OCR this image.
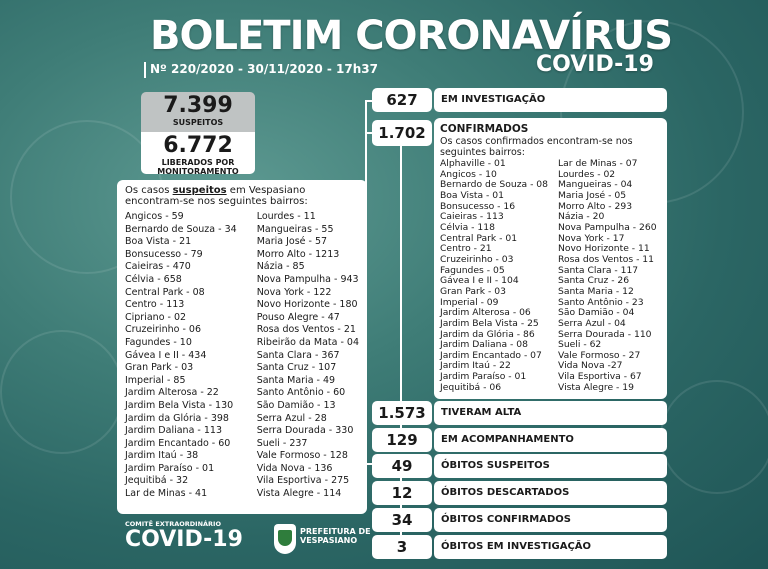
BOLETIM CORONAVÍRUS
COVID-19
Nº 220/2020 - 30/11/2020 - 17h37
7.399
SUSPEITOS
6.772
LIBERADOS POR
MONITORAMENTO
Os casos suspeitos em Vespasiano encontram-se nos seguintes bairros:
Angicos - 59
Bernardo de Souza - 34
Boa Vista - 21
Bonsucesso - 79
Caieiras - 470
Célvia - 658
Central Park - 08
Centro - 113
Cipriano - 02
Cruzeirinho - 06
Fagundes - 10
Gávea I e II - 434
Gran Park - 03
Imperial - 85
Jardim Alterosa - 22
Jardim Bela Vista - 130
Jardim da Glória - 398
Jardim Daliana - 113
Jardim Encantado - 60
Jardim Itaú - 38
Jardim Paraíso - 01
Jequitibá - 32
Lar de Minas - 41
Lourdes - 11
Mangueiras - 55
Maria José - 57
Morro Alto - 1213
Názia - 85
Nova Pampulha - 943
Nova York - 122
Novo Horizonte - 180
Pouso Alegre - 47
Rosa dos Ventos - 21
Ribeirão da Mata - 04
Santa Clara - 367
Santa Cruz - 107
Santa Maria - 49
Santo Antônio - 60
São Damião - 13
Serra Azul - 28
Serra Dourada - 330
Sueli - 237
Vale Formoso - 128
Vida Nova - 136
Vila Esportiva - 275
Vista Alegre - 114
627	EM INVESTIGAÇÃO
1.702	CONFIRMADOS
Os casos confirmados encontram-se nos seguintes bairros:
Alphaville - 01
Angicos - 10
Bernardo de Souza - 08
Boa Vista - 01
Bonsucesso - 16
Caieiras - 113
Célvia - 118
Central Park - 01
Centro - 21
Cruzeirinho - 03
Fagundes - 05
Gávea I e II - 104
Gran Park - 03
Imperial - 09
Jardim Alterosa - 06
Jardim Bela Vista - 25
Jardim da Glória - 86
Jardim Daliana - 08
Jardim Encantado - 07
Jardim Itaú - 22
Jardim Paraíso - 01
Jequitibá - 06
Lar de Minas - 07
Lourdes - 02
Mangueiras - 04
Maria José - 05
Morro Alto - 293
Názia - 20
Nova Pampulha - 260
Nova York - 17
Novo Horizonte - 11
Rosa dos Ventos - 11
Santa Clara - 117
Santa Cruz - 26
Santa Maria - 12
Santo Antônio - 23
São Damião - 04
Serra Azul - 04
Serra Dourada - 110
Sueli - 62
Vale Formoso - 27
Vida Nova -27
Vila Esportiva - 67
Vista Alegre - 19
1.573	TIVERAM ALTA
129	EM ACOMPANHAMENTO
49	ÓBITOS SUSPEITOS
12	ÓBITOS DESCARTADOS
34	ÓBITOS CONFIRMADOS
3	ÓBITOS EM INVESTIGAÇÃO
COMITÊ EXTRAORDINÁRIO
COVID-19	PREFEITURA DE
VESPASIANO
